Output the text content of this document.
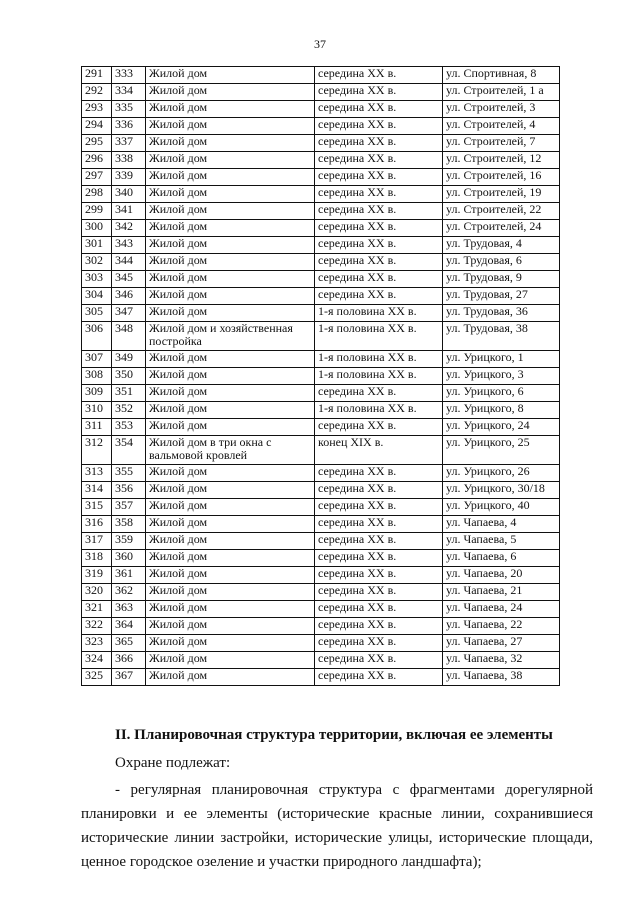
37
291	333	Жилой дом	середина XX в.	ул. Спортивная, 8
292	334	Жилой дом	середина XX в.	ул. Строителей, 1 а
293	335	Жилой дом	середина XX в.	ул. Строителей, 3
294	336	Жилой дом	середина XX в.	ул. Строителей, 4
295	337	Жилой дом	середина XX в.	ул. Строителей, 7
296	338	Жилой дом	середина XX в.	ул. Строителей, 12
297	339	Жилой дом	середина XX в.	ул. Строителей, 16
298	340	Жилой дом	середина XX в.	ул. Строителей, 19
299	341	Жилой дом	середина XX в.	ул. Строителей, 22
300	342	Жилой дом	середина XX в.	ул. Строителей, 24
301	343	Жилой дом	середина XX в.	ул. Трудовая, 4
302	344	Жилой дом	середина XX в.	ул. Трудовая, 6
303	345	Жилой дом	середина XX в.	ул. Трудовая, 9
304	346	Жилой дом	середина XX в.	ул. Трудовая, 27
305	347	Жилой дом	1-я половина XX в.	ул. Трудовая, 36
306	348	Жилой дом и хозяйственная постройка	1-я половина XX в.	ул. Трудовая, 38
307	349	Жилой дом	1-я половина XX в.	ул. Урицкого, 1
308	350	Жилой дом	1-я половина XX в.	ул. Урицкого, 3
309	351	Жилой дом	середина XX в.	ул. Урицкого, 6
310	352	Жилой дом	1-я половина XX в.	ул. Урицкого, 8
311	353	Жилой дом	середина XX в.	ул. Урицкого, 24
312	354	Жилой дом в три окна с вальмовой кровлей	конец XIX в.	ул. Урицкого, 25
313	355	Жилой дом	середина XX в.	ул. Урицкого, 26
314	356	Жилой дом	середина XX в.	ул. Урицкого, 30/18
315	357	Жилой дом	середина XX в.	ул. Урицкого, 40
316	358	Жилой дом	середина XX в.	ул. Чапаева, 4
317	359	Жилой дом	середина XX в.	ул. Чапаева, 5
318	360	Жилой дом	середина XX в.	ул. Чапаева, 6
319	361	Жилой дом	середина XX в.	ул. Чапаева, 20
320	362	Жилой дом	середина XX в.	ул. Чапаева, 21
321	363	Жилой дом	середина XX в.	ул. Чапаева, 24
322	364	Жилой дом	середина XX в.	ул. Чапаева, 22
323	365	Жилой дом	середина XX в.	ул. Чапаева, 27
324	366	Жилой дом	середина XX в.	ул. Чапаева, 32
325	367	Жилой дом	середина XX в.	ул. Чапаева, 38
II. Планировочная структура территории, включая ее элементы
Охране подлежат:

- регулярная планировочная структура с фрагментами дорегулярной планировки и ее элементы (исторические красные линии, сохранившиеся исторические линии застройки, исторические улицы, исторические площади, ценное городское озеление и участки природного ландшафта);
